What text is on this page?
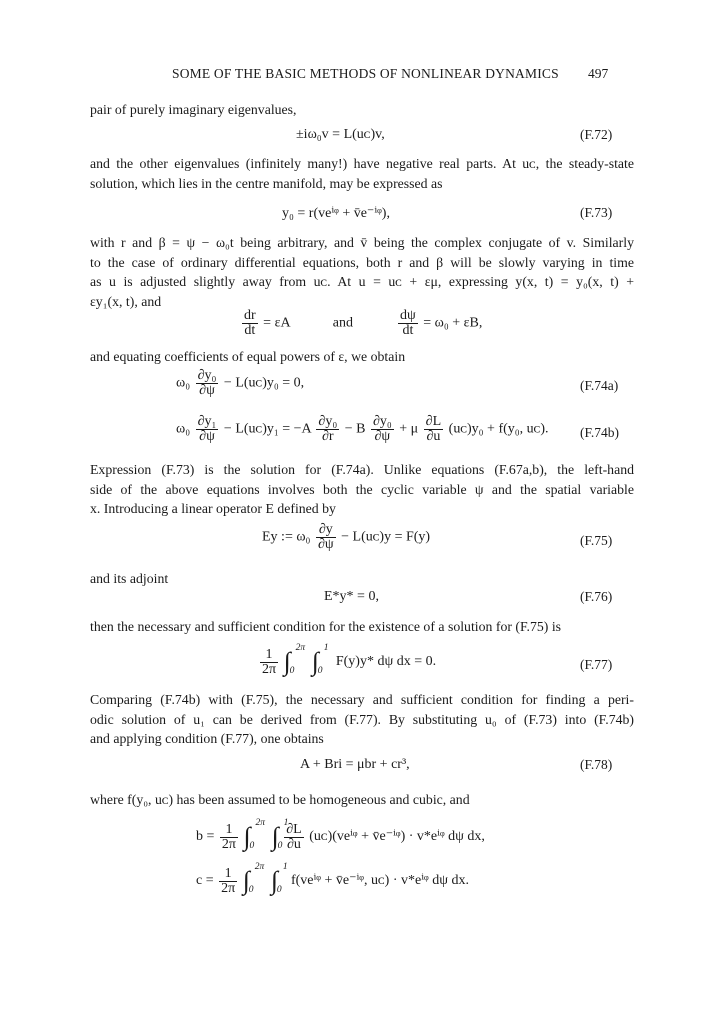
SOME OF THE BASIC METHODS OF NONLINEAR DYNAMICS 497

pair of purely imaginary eigenvalues,

±iω₀v = L(uᴄ)v,	(F.72)

and the other eigenvalues (infinitely many!) have negative real parts. At uᴄ, the steady-state
solution, which lies in the centre manifold, may be expressed as

y₀ = r(veⁱᵠ + v̄e⁻ⁱᵠ),	(F.73)

with r and β = ψ − ω₀t being arbitrary, and v̄ being the complex conjugate of v. Similarly
to the case of ordinary differential equations, both r and β will be slowly varying in time
as u is adjusted slightly away from uᴄ. At u = uᴄ + εμ, expressing y(x, t) = y₀(x, t) +
εy₁(x, t), and

$\frac{dr}{dt} = \varepsilon A$	and	$\frac{d\psi}{dt} = \omega_0 + \varepsilon B$,

and equating coefficients of equal powers of ε, we obtain

$\omega_0 \frac{\text{∂y₀}}{\partial\psi}$ − L(uᴄ)y₀ = 0,	(F.74a)
$\omega_0 \frac{\text{∂y₁}}{\partial\psi}$ − L(uᴄ)y₁ = $-A \frac{\text{∂y₀}}{\partial r} - B \frac{\text{∂y₀}}{\partial\psi} + \mu \frac{\partial L}{\partial u}$ (uᴄ)y₀ + f(y₀, uᴄ). (F.74b)

Expression (F.73) is the solution for (F.74a). Unlike equations (F.67a,b), the left-hand
side of the above equations involves both the cyclic variable ψ and the spatial variable
x. Introducing a linear operator E defined by

Ey := $\omega_0 \frac{\partial y}{\partial\psi}$ − L(uᴄ)y = F(y)	(F.75)

and its adjoint

E*y* = 0,	(F.76)

then the necessary and sufficient condition for the existence of a solution for (F.75) is

$\frac{1}{2\pi}$ ∫ 2π
0 ∫ 1
0
F(y)y* dψ dx = 0.	(F.77)

Comparing (F.74b) with (F.75), the necessary and sufficient condition for finding a peri-
odic solution of u₁ can be derived from (F.77). By substituting u₀ of (F.73) into (F.74b)
and applying condition (F.77), one obtains

A + Bri = μbr + cr³,	(F.78)

where f(y₀, uᴄ) has been assumed to be homogeneous and cubic, and

$b = \frac{1}{2\pi}$ ∫ 2π
0 ∫ 1
0
$\frac{\partial L}{\partial u}$ (uᴄ)(veⁱᵠ + v̄e⁻ⁱᵠ) · v*eⁱᵠ dψ dx,
$c = \frac{1}{2\pi}$ ∫ 2π
0 ∫ 1
0
f(veⁱᵠ + v̄e⁻ⁱᵠ, uᴄ) · v*eⁱᵠ dψ dx.
